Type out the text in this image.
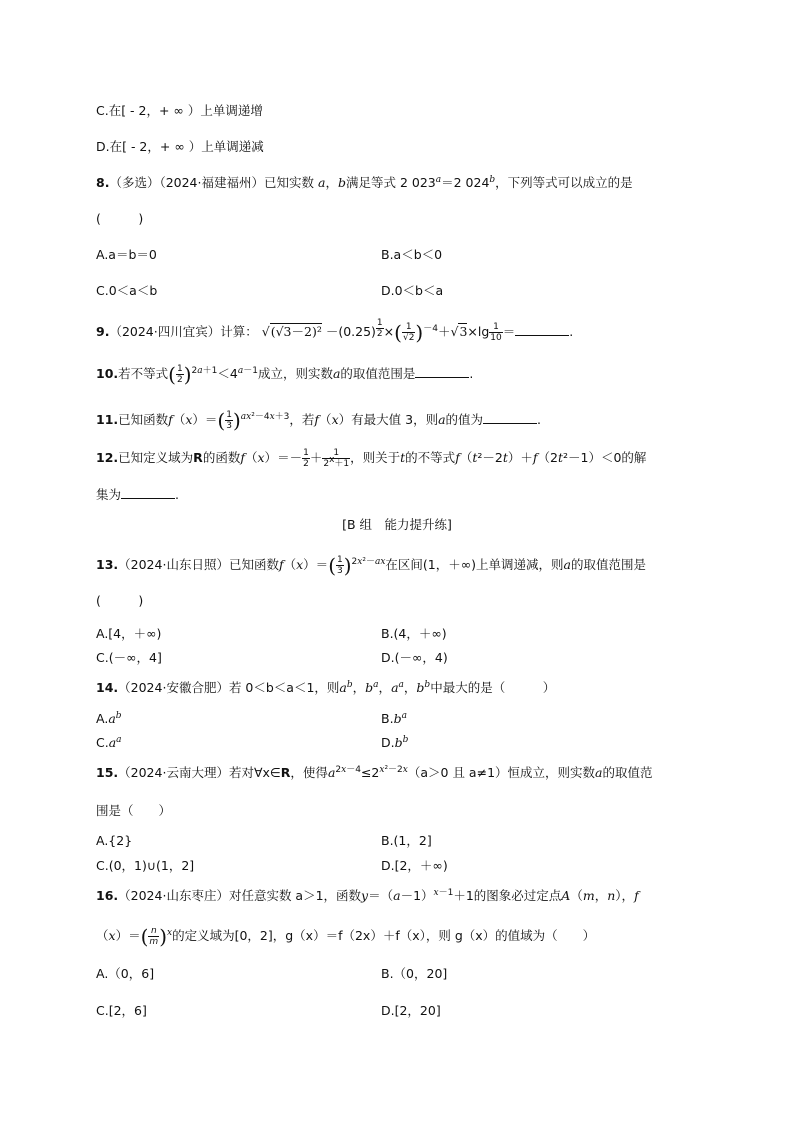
C.在[ - 2，+ ∞ ）上单调递增
D.在[ - 2，+ ∞ ）上单调递减
8.（多选）（2024·福建福州）已知实数 a，b满足等式 2 $023^a=2$ 024$^b$，下列等式可以成立的是
(　　　)
A.a＝b＝0	B.a＜b＜0
C.0＜a＜b	D.0＜b＜a
9.（2024·四川宜宾）计算： √(√3－2)² －(0.25) $^{\frac{1}{2}}$ ×( $\frac{1}{√2} )^{-4}+√3\times\lg \frac{1}{10}$ ＝	.
10.若不等式( $\frac{1}{2} )^{2a+1}<4^{a-1}$成立，则实数a的取值范围是	.
11.已知函数$f(x)=( \frac{1}{3} )^{ax^2-4x+3}$，若f（x）有最大值 3，则a的值为	.
12.已知定义域为R的函数$f(x)=- \frac{1}{2} + \frac{1}{2^x+1}$ ，则关于t的不等式f（t²－2t）＋f（2t²－1）＜0的解
集为	.
[B 组　能力提升练]
13.（2024·山东日照）已知函数$f(x)=( \frac{1}{3} )^{2x^2-ax}$在区间(1，＋∞)上单调递减，则a的取值范围是
(　　　)
A.[4，＋∞)	B.(4，＋∞)
C.(－∞，4]	D.(－∞，4)
14.（2024·安徽合肥）若 0＜b＜a＜1，则$a^b$，$b^a$，$a^a$，$b^b$中最大的是（　　　）
$A.a^b$	$B.b^a$
$C.a^a$	$D.b^b$
15.（2024·云南大理）若对∀x∈R，使得$a^{2x-4}\le 2^{x^2-2x}(a>0$ 且 a≠1）恒成立，则实数a的取值范
围是（　　）
A.{2}	B.(1，2]
C.(0，1)∪(1，2]	D.[2，＋∞)
16.（2024·山东枣庄）对任意实数 a＞1，函数$y=(a-1)^{x-1}+1$的图象必过定点A（m，n），f
$(x)=( \frac{n}{m} )^x$的定义域为[0，2]，g（x）＝f（2x）＋f（x），则 g（x）的值域为（　　）
A.（0，6]	B.（0，20]
C.[2，6]	D.[2，20]
